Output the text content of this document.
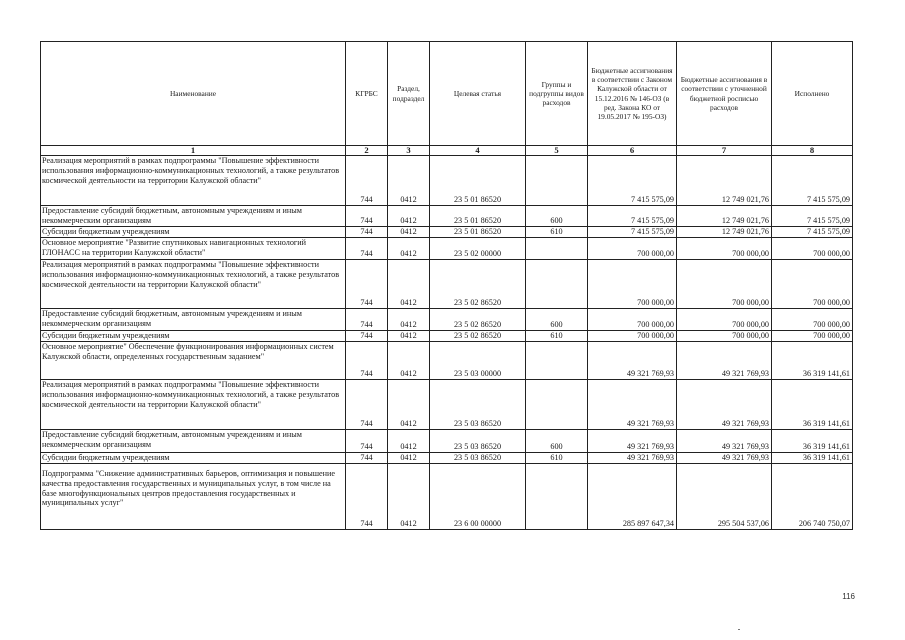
Наименование	КГРБС	Раздел, подраздел	Целевая статья	Группы и подгруппы видов расходов	Бюджетные ассигнования в соответствии с Законом Калужской области от 15.12.2016 № 146-ОЗ (в ред. Закона КО от 19.05.2017 № 195-ОЗ)	Бюджетные ассигнования в соответствии с уточненной бюджетной росписью расходов	Исполнено
1	2	3	4	5	6	7	8
Реализация мероприятий в рамках подпрограммы "Повышение эффективности использования информационно-коммуникационных технологий, а также результатов космической деятельности на территории Калужской области"	744	0412	23 5 01 86520		7 415 575,09	12 749 021,76	7 415 575,09
Предоставление субсидий бюджетным, автономным учреждениям и иным некоммерческим организациям	744	0412	23 5 01 86520	600	7 415 575,09	12 749 021,76	7 415 575,09
Субсидии бюджетным учреждениям	744	0412	23 5 01 86520	610	7 415 575,09	12 749 021,76	7 415 575,09
Основное мероприятие "Развитие спутниковых навигационных технологий ГЛОНАСС на территории Калужской области"	744	0412	23 5 02 00000		700 000,00	700 000,00	700 000,00
Реализация мероприятий в рамках подпрограммы "Повышение эффективности использования информационно-коммуникационных технологий, а также результатов космической деятельности на территории Калужской области"	744	0412	23 5 02 86520		700 000,00	700 000,00	700 000,00
Предоставление субсидий бюджетным, автономным учреждениям и иным некоммерческим организациям	744	0412	23 5 02 86520	600	700 000,00	700 000,00	700 000,00
Субсидии бюджетным учреждениям	744	0412	23 5 02 86520	610	700 000,00	700 000,00	700 000,00
Основное мероприятие" Обеспечение функционирования информационных систем Калужской области, определенных государственным заданием"	744	0412	23 5 03 00000		49 321 769,93	49 321 769,93	36 319 141,61
Реализация мероприятий в рамках подпрограммы "Повышение эффективности использования информационно-коммуникационных технологий, а также результатов космической деятельности на территории Калужской области"	744	0412	23 5 03 86520		49 321 769,93	49 321 769,93	36 319 141,61
Предоставление субсидий бюджетным, автономным учреждениям и иным некоммерческим организациям	744	0412	23 5 03 86520	600	49 321 769,93	49 321 769,93	36 319 141,61
Субсидии бюджетным учреждениям	744	0412	23 5 03 86520	610	49 321 769,93	49 321 769,93	36 319 141,61
Подпрограмма "Снижение административных барьеров, оптимизация и повышение качества предоставления государственных и муниципальных услуг, в том числе на базе многофункциональных центров предоставления государственных и муниципальных услуг"	744	0412	23 6 00 00000		285 897 647,34	295 504 537,06	206 740 750,07
116
